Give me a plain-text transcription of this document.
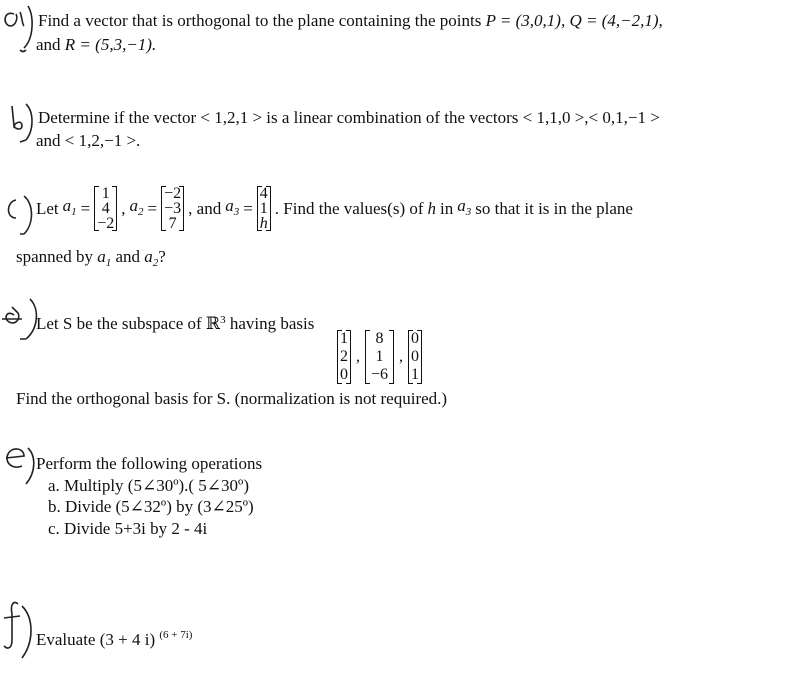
Find a vector that is orthogonal to the plane containing the points P = (3,0,1), Q = (4,−2,1),
and R = (5,3,−1).
Determine if the vector < 1,2,1 > is a linear combination of the vectors < 1,1,0 >,< 0,1,−1 >
and < 1,2,−1 >.
Let $a_1$ =
1
4
−2
, $a_2$ =
−2
−3
7
, and $a_3$ =
4
1
h
. Find the values(s) of h in $a_3$ so that it is in the plane
spanned by $a_1$ and $a_2$?
Let S be the subspace of ℝ$^3$ having basis
1
2
0
,
8
1
−6
,
0
0
1
Find the orthogonal basis for S. (normalization is not required.)
Perform the following operations
a. Multiply (5∠30º).( 5∠30º)
b. Divide (5∠32º) by (3∠25º)
c. Divide 5+3i by 2 - 4i
Evaluate (3 + 4 i) $^{(6 + 7i)}$
